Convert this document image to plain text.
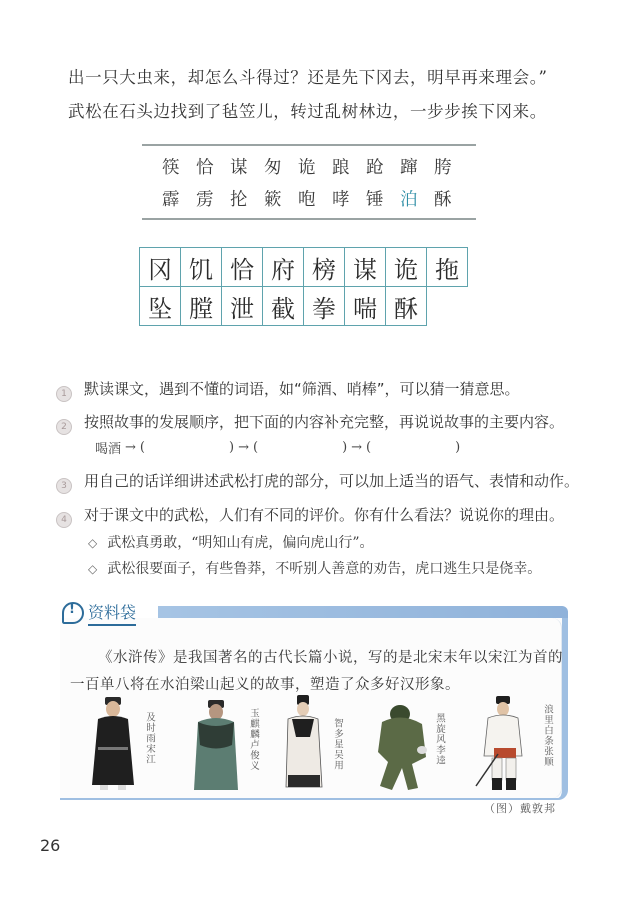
出一只大虫来，却怎么斗得过？还是先下冈去，明早再来理会。”
武松在石头边找到了毡笠儿，转过乱树林边，一步步挨下冈来。
筷 恰 谋 匆 诡 踉 跄 蹿 胯
霹 雳 抡 簌 咆 哮 锤 泊 酥
冈 饥 恰 府 榜 谋 诡 拖
坠 膛 泄 截 拳 喘 酥
1 默读课文，遇到不懂的词语，如“筛酒、哨棒”，可以猜一猜意思。
2 按照故事的发展顺序，把下面的内容补充完整，再说说故事的主要内容。
喝酒 → (	) → (	) → (	)
3 用自己的话详细讲述武松打虎的部分，可以加上适当的语气、表情和动作。
4 对于课文中的武松，人们有不同的评价。你有什么看法？说说你的理由。
◇ 武松真勇敢，“明知山有虎，偏向虎山行”。
◇ 武松很要面子，有些鲁莽，不听别人善意的劝告，虎口逃生只是侥幸。
!
资料袋
《水浒传》是我国著名的古代长篇小说，写的是北宋末年以宋江为首的
一百单八将在水泊梁山起义的故事，塑造了众多好汉形象。
及时雨宋江	玉麒麟卢俊义	智多星吴用	黑旋风李逵	浪里白条张顺
（图）戴敦邦
26
